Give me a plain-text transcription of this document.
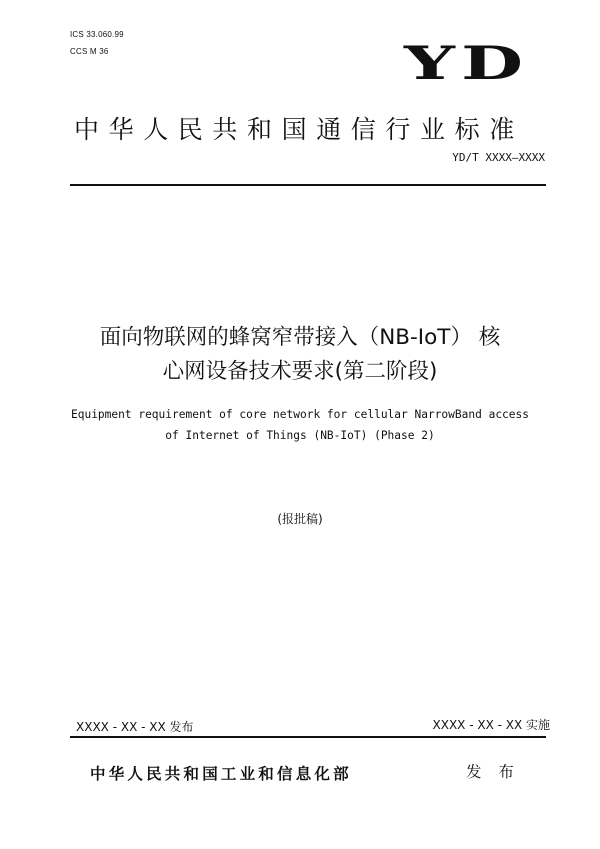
ICS 33.060.99
CCS M 36	YD
中华人民共和国通信行业标准
YD/T XXXX—XXXX
面向物联网的蜂窝窄带接入（NB-IoT） 核
心网设备技术要求(第二阶段)
Equipment requirement of core network for cellular NarrowBand access
of Internet of Things (NB-IoT) (Phase 2)
(报批稿)
XXXX - XX - XX 发布	XXXX - XX - XX 实施
中华人民共和国工业和信息化部	发 布
